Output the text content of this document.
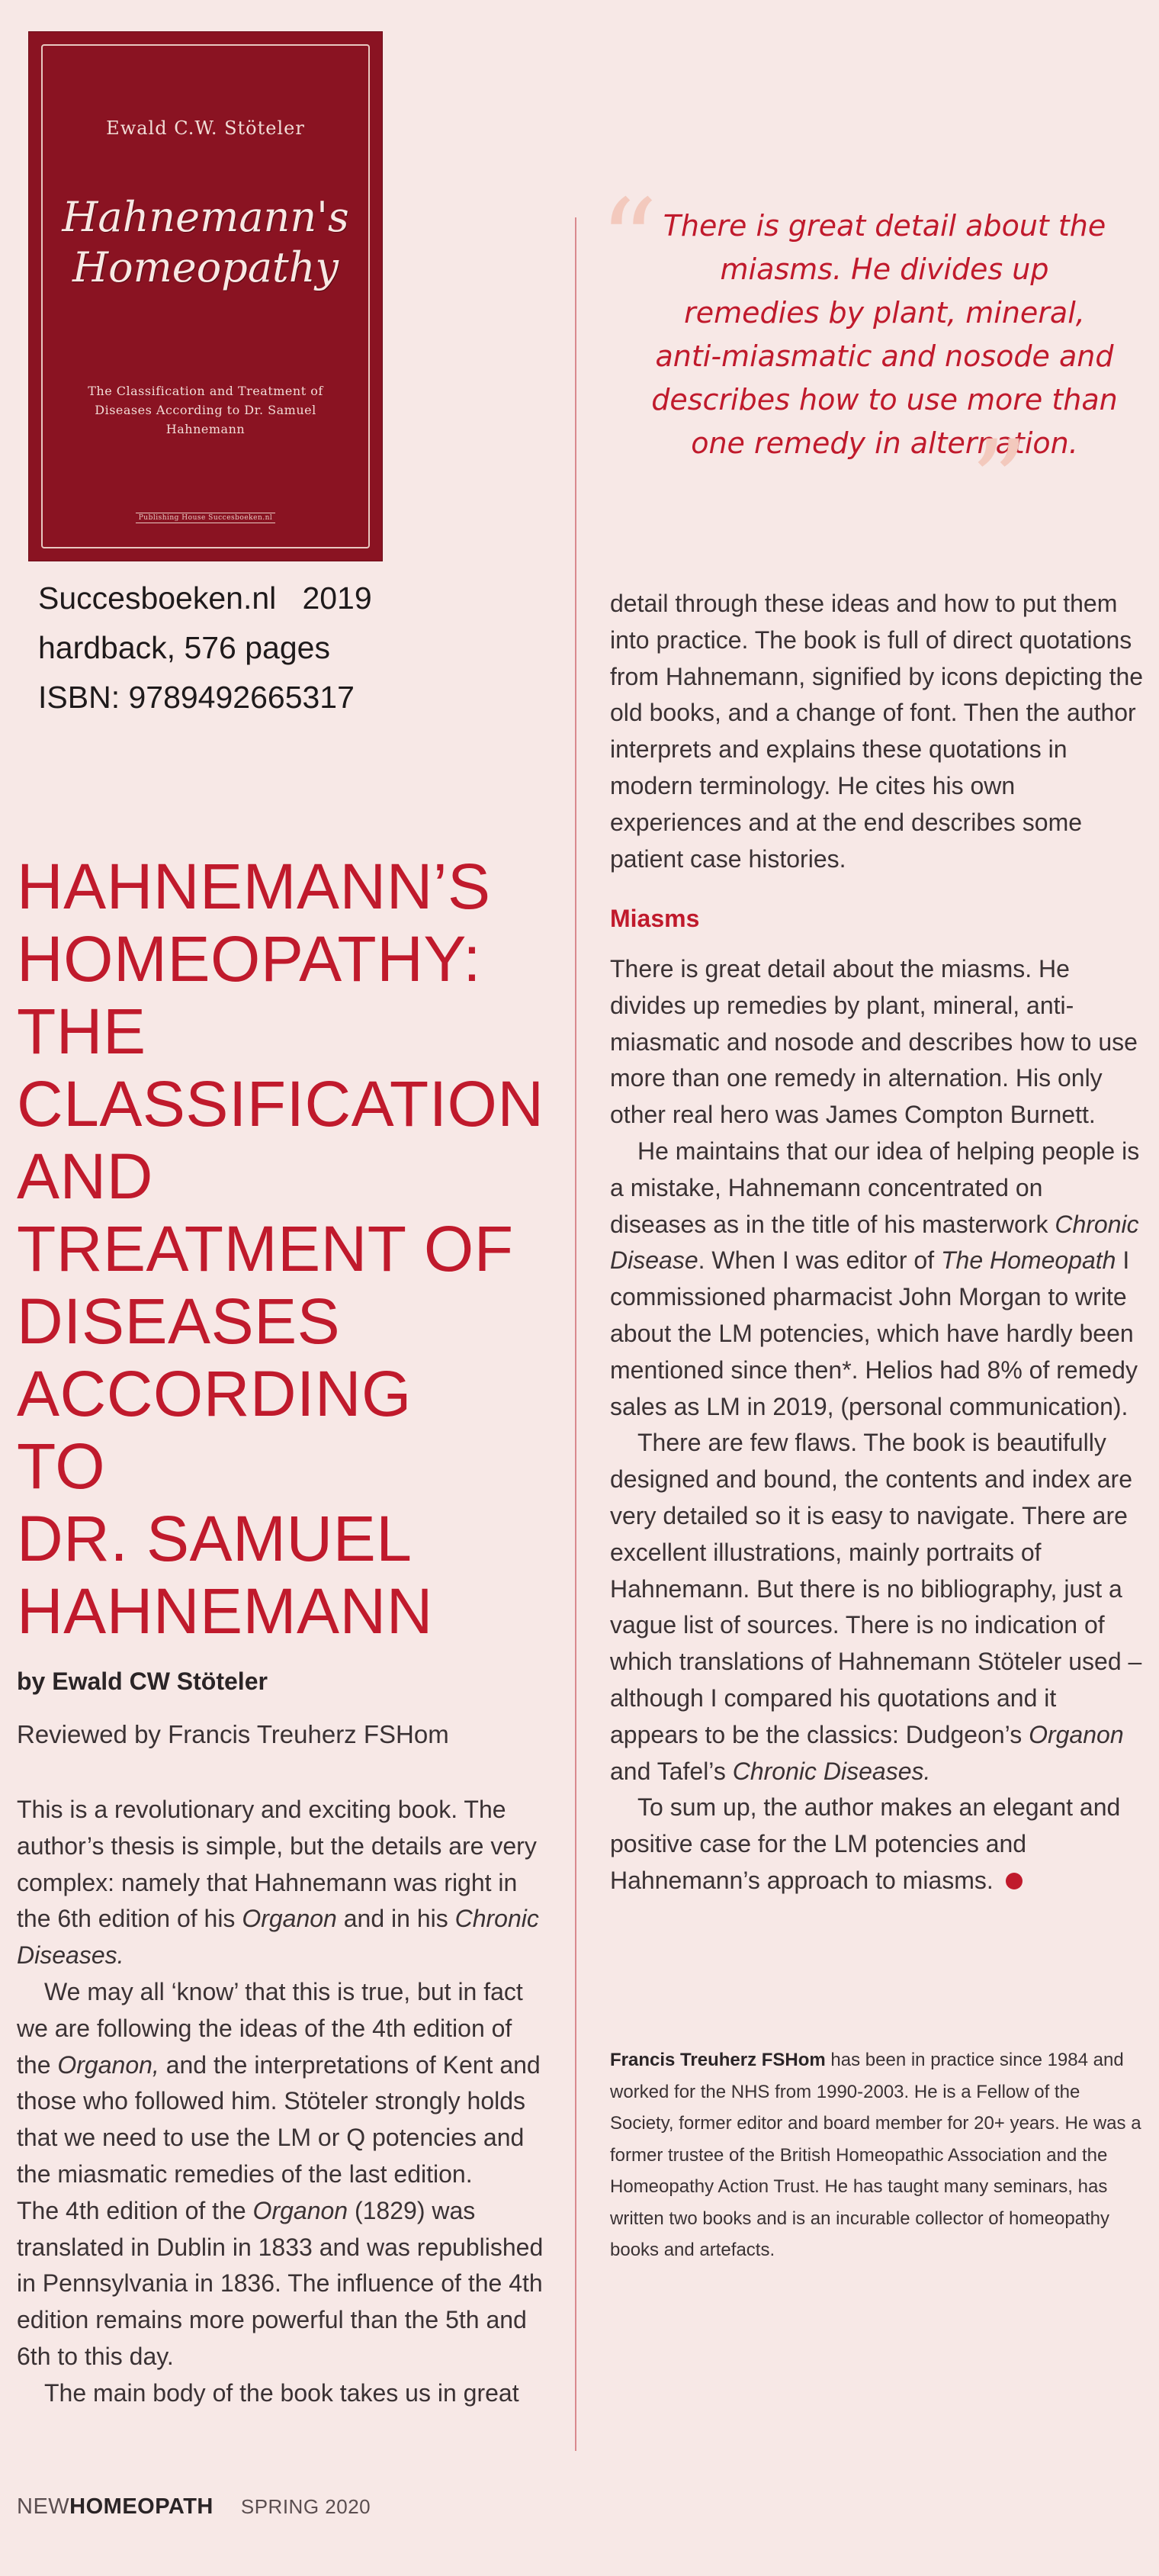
Ewald C.W. Stöteler
Hahnemann's
Homeopathy
The Classification and Treatment of Diseases According to Dr. Samuel Hahnemann
Publishing House Succesboeken.nl
Succesboeken.nl   2019
hardback, 576 pages
ISBN: 9789492665317
HAHNEMANN’S
HOMEOPATHY:
THE
CLASSIFICATION
AND
TREATMENT OF
DISEASES
ACCORDING
TO
DR. SAMUEL
HAHNEMANN
by Ewald CW Stöteler
Reviewed by Francis Treuherz FSHom

This is a revolutionary and exciting book. The author’s thesis is simple, but the details are very complex: namely that Hahnemann was right in the 6th edition of his Organon and in his Chronic Diseases.

We may all ‘know’ that this is true, but in fact we are following the ideas of the 4th edition of the Organon, and the interpretations of Kent and those who followed him. Stöteler strongly holds that we need to use the LM or Q potencies and the miasmatic remedies of the last edition.

The 4th edition of the Organon (1829) was translated in Dublin in 1833 and was republished in Pennsylvania in 1836. The influence of the 4th edition remains more powerful than the 5th and 6th to this day.

The main body of the book takes us in great

“ There is great detail about the miasms. He divides up remedies by plant, mineral, anti-miasmatic and nosode and describes how to use more than one remedy in alternation.
”

detail through these ideas and how to put them into practice. The book is full of direct quotations from Hahnemann, signified by icons depicting the old books, and a change of font. Then the author interprets and explains these quotations in modern terminology. He cites his own experiences and at the end describes some patient case histories.

Miasms

There is great detail about the miasms. He divides up remedies by plant, mineral, anti-miasmatic and nosode and describes how to use more than one remedy in alternation. His only other real hero was James Compton Burnett.

He maintains that our idea of helping people is a mistake, Hahnemann concentrated on diseases as in the title of his masterwork Chronic Disease. When I was editor of The Homeopath I commissioned pharmacist John Morgan to write about the LM potencies, which have hardly been mentioned since then*. Helios had 8% of remedy sales as LM in 2019, (personal communication).

There are few flaws. The book is beautifully designed and bound, the contents and index are very detailed so it is easy to navigate. There are excellent illustrations, mainly portraits of Hahnemann. But there is no bibliography, just a vague list of sources. There is no indication of which translations of Hahnemann Stöteler used – although I compared his quotations and it appears to be the classics: Dudgeon’s Organon and Tafel’s Chronic Diseases.

To sum up, the author makes an elegant and positive case for the LM potencies and Hahnemann’s approach to miasms.

Francis Treuherz FSHom has been in practice since 1984 and worked for the NHS from 1990-2003. He is a Fellow of the Society, former editor and board member for 20+ years. He was a former trustee of the British Homeopathic Association and the Homeopathy Action Trust. He has taught many seminars, has written two books and is an incurable collector of homeopathy books and artefacts.
NEWHOMEOPATH SPRING 2020
